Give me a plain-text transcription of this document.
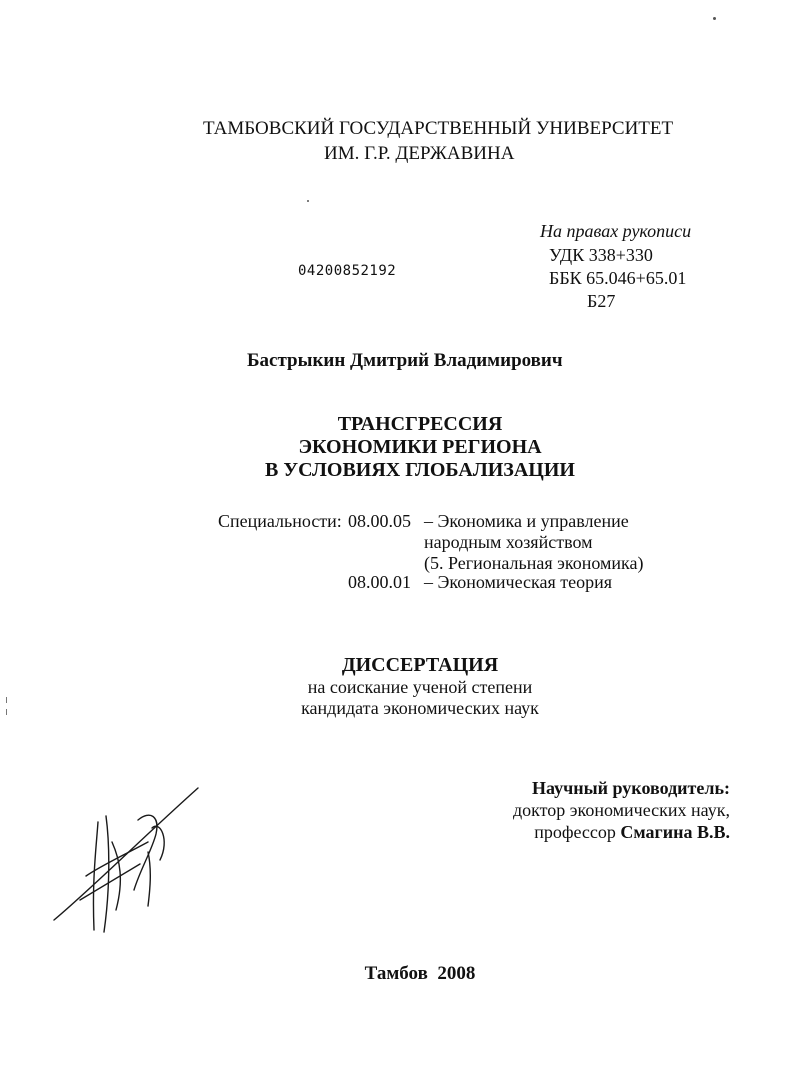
ТАМБОВСКИЙ ГОСУДАРСТВЕННЫЙ УНИВЕРСИТЕТ
ИМ. Г.Р. ДЕРЖАВИНА
На правах рукописи
УДК 338+330
ББК 65.046+65.01
Б27
04200852192
Бастрыкин Дмитрий Владимирович
ТРАНСГРЕССИЯ
ЭКОНОМИКИ РЕГИОНА
В УСЛОВИЯХ ГЛОБАЛИЗАЦИИ
Специальности: 08.00.05 – Экономика и управление
народным хозяйством
(5. Региональная экономика)
08.00.01 – Экономическая теория
ДИССЕРТАЦИЯ
на соискание ученой степени
кандидата экономических наук
Научный руководитель:
доктор экономических наук,
профессор Смагина В.В.
Тамбов  2008
